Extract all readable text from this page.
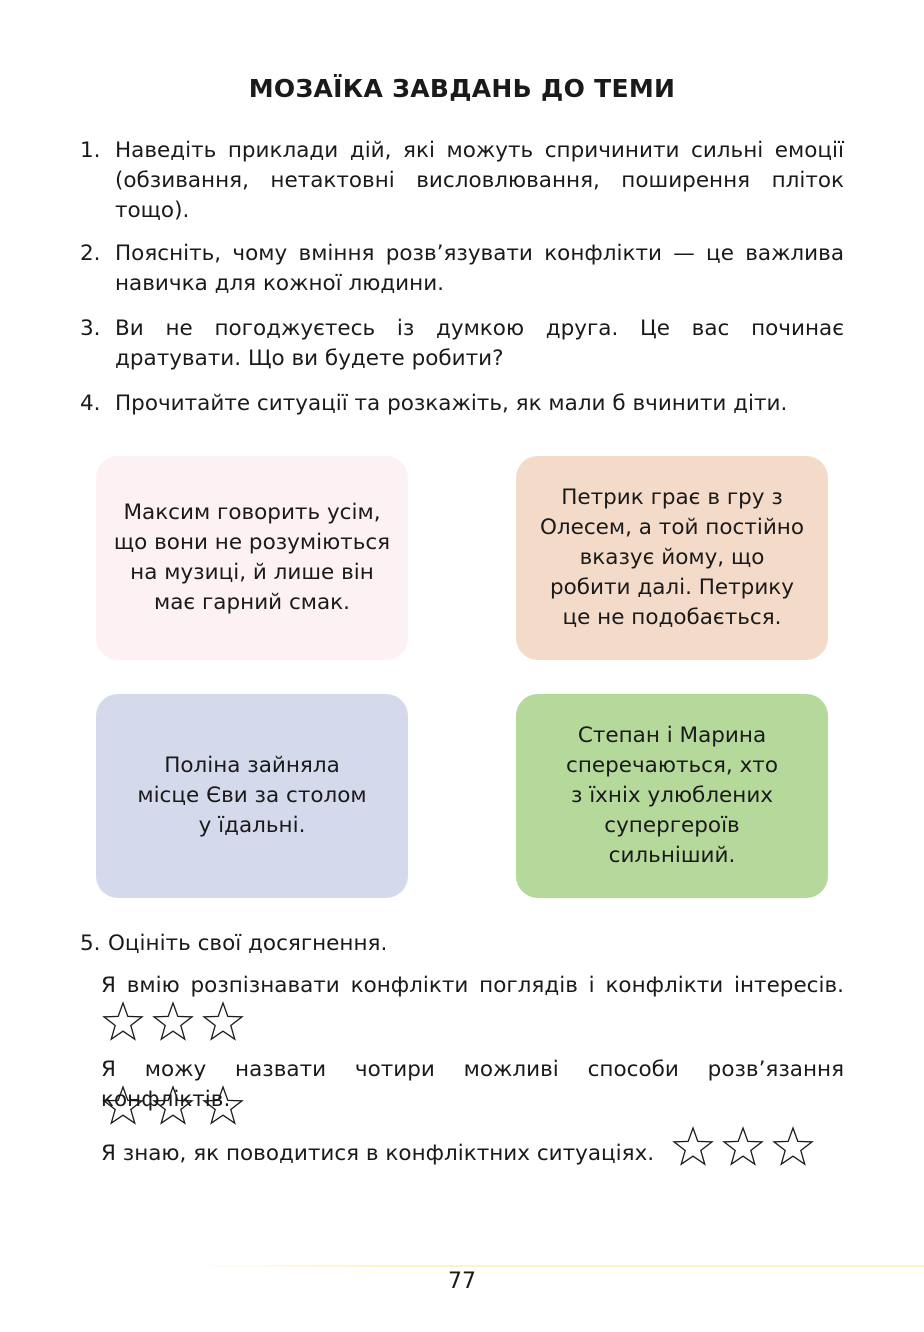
МОЗАЇКА ЗАВДАНЬ ДО ТЕМИ
1. Наведіть приклади дій, які можуть спричинити сильні емоції (обзивання, нетактовні висловлювання, поширення пліток тощо).
2. Поясніть, чому вміння розв’язувати конфлікти — це важлива навичка для кожної людини.
3. Ви не погоджуєтесь із думкою друга. Це вас починає дратувати. Що ви будете робити?
4. Прочитайте ситуації та розкажіть, як мали б вчинити діти.
Максим говорить усім,
що вони не розуміються
на музиці, й лише він
має гарний смак.
Петрик грає в гру з
Олесем, а той постійно
вказує йому, що
робити далі. Петрику
це не подобається.
Поліна зайняла
місце Єви за столом
у їдальні.
Степан і Марина
сперечаються, хто
з їхніх улюблених
супергероїв
сильніший.
5. Оцініть свої досягнення.
Я вмію розпізнавати конфлікти поглядів і конфлікти інтересів.
Я можу назвати чотири можливі способи розв’язання конфліктів.
Я знаю, як поводитися в конфліктних ситуаціях.
77
